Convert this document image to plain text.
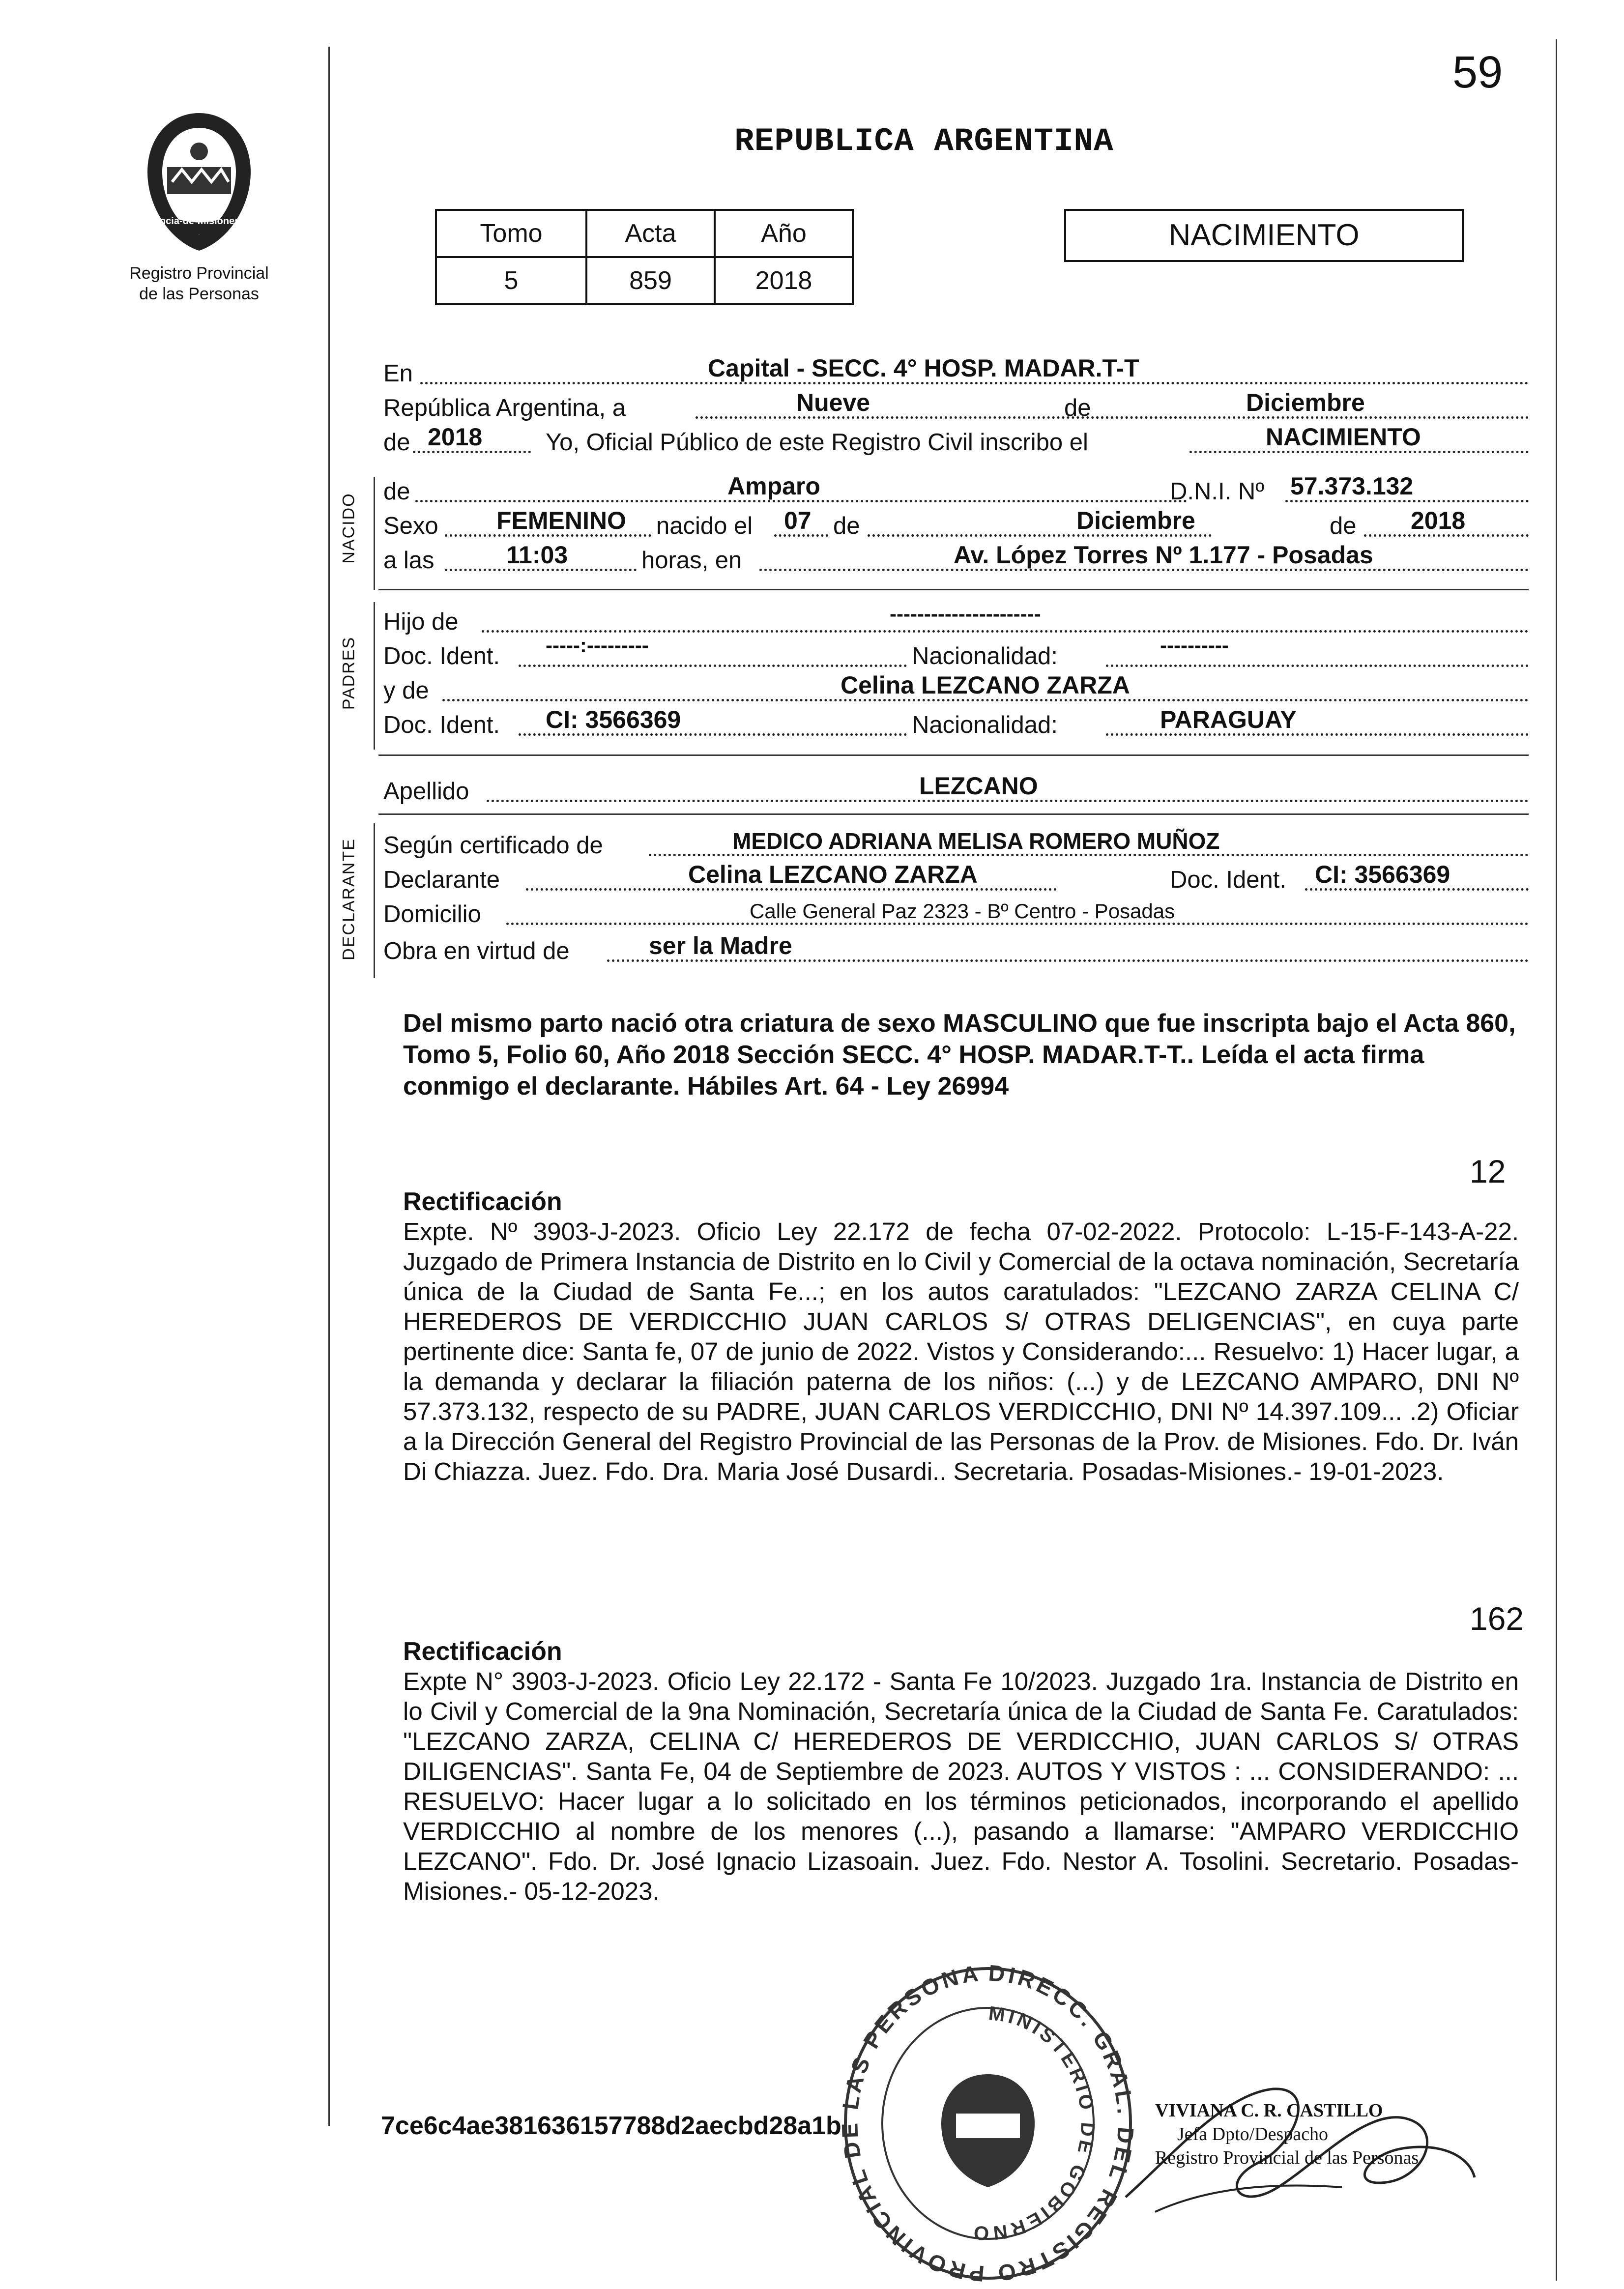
59
provincia-de-misiones-seal
Registro Provincial
de las Personas
REPUBLICA ARGENTINA
Tomo	Acta	Año
5	859	2018
NACIMIENTO
En	Capital - SECC. 4° HOSP. MADAR.T-T
República Argentina, a	Nueve	de	Diciembre
de 2018	Yo, Oficial Público de este Registro Civil inscribo el	NACIMIENTO
NACIDO
de	Amparo	D.N.I. Nº 57.373.132
Sexo FEMENINO nacido el 07 de	Diciembre	de 2018
a las	11:03	horas, en	Av. López Torres Nº 1.177 - Posadas
PADRES
Hijo de	----------------------
Doc. Ident. -----:---------	Nacionalidad:	----------
y de	Celina LEZCANO ZARZA
Doc. Ident. CI: 3566369	Nacionalidad:	PARAGUAY
Apellido	LEZCANO
DECLARANTE Según certificado de	MEDICO ADRIANA MELISA ROMERO MUÑOZ
Declarante	Celina LEZCANO ZARZA	Doc. Ident. CI: 3566369
Domicilio	Calle General Paz 2323 - Bº Centro - Posadas
Obra en virtud de	ser la Madre
Del mismo parto nació otra criatura de sexo MASCULINO que fue inscripta bajo el Acta 860, Tomo 5, Folio 60, Año 2018 Sección SECC. 4° HOSP. MADAR.T-T.. Leída el acta firma conmigo el declarante. Hábiles Art. 64 - Ley 26994
12
Rectificación
Expte. Nº 3903-J-2023. Oficio Ley 22.172 de fecha 07-02-2022. Protocolo: L-15-F-143-A-22. Juzgado de Primera Instancia de Distrito en lo Civil y Comercial de la octava nominación, Secretaría única de la Ciudad de Santa Fe...; en los autos caratulados: "LEZCANO ZARZA CELINA C/ HEREDEROS DE VERDICCHIO JUAN CARLOS S/ OTRAS DELIGENCIAS", en cuya parte pertinente dice: Santa fe, 07 de junio de 2022. Vistos y Considerando:... Resuelvo: 1) Hacer lugar, a la demanda y declarar la filiación paterna de los niños: (...) y de LEZCANO AMPARO, DNI Nº 57.373.132, respecto de su PADRE, JUAN CARLOS VERDICCHIO, DNI Nº 14.397.109... .2) Oficiar a la Dirección General del Registro Provincial de las Personas de la Prov. de Misiones. Fdo. Dr. Iván Di Chiazza. Juez. Fdo. Dra. Maria José Dusardi.. Secretaria. Posadas-Misiones.- 19-01-2023.
162
Rectificación
Expte N° 3903-J-2023. Oficio Ley 22.172 - Santa Fe 10/2023. Juzgado 1ra. Instancia de Distrito en lo Civil y Comercial de la 9na Nominación, Secretaría única de la Ciudad de Santa Fe. Caratulados: "LEZCANO ZARZA, CELINA C/ HEREDEROS DE VERDICCHIO, JUAN CARLOS S/ OTRAS DILIGENCIAS". Santa Fe, 04 de Septiembre de 2023. AUTOS Y VISTOS : ... CONSIDERANDO: ... RESUELVO: Hacer lugar a lo solicitado en los términos peticionados, incorporando el apellido VERDICCHIO al nombre de los menores (...), pasando a llamarse: "AMPARO VERDICCHIO LEZCANO". Fdo. Dr. José Ignacio Lizasoain. Juez. Fdo. Nestor A. Tosolini. Secretario. Posadas- Misiones.- 05-12-2023.
7ce6c4ae381636157788d2aecbd28a1b
DIRECC. GRAL. DEL REGISTRO PROVINCIAL DE LAS PERSONA
MINISTERIO DE GOBIERNO
VIVIANA C. R. CASTILLO
Jefa Dpto/Despacho
Registro Provincial de las Personas
